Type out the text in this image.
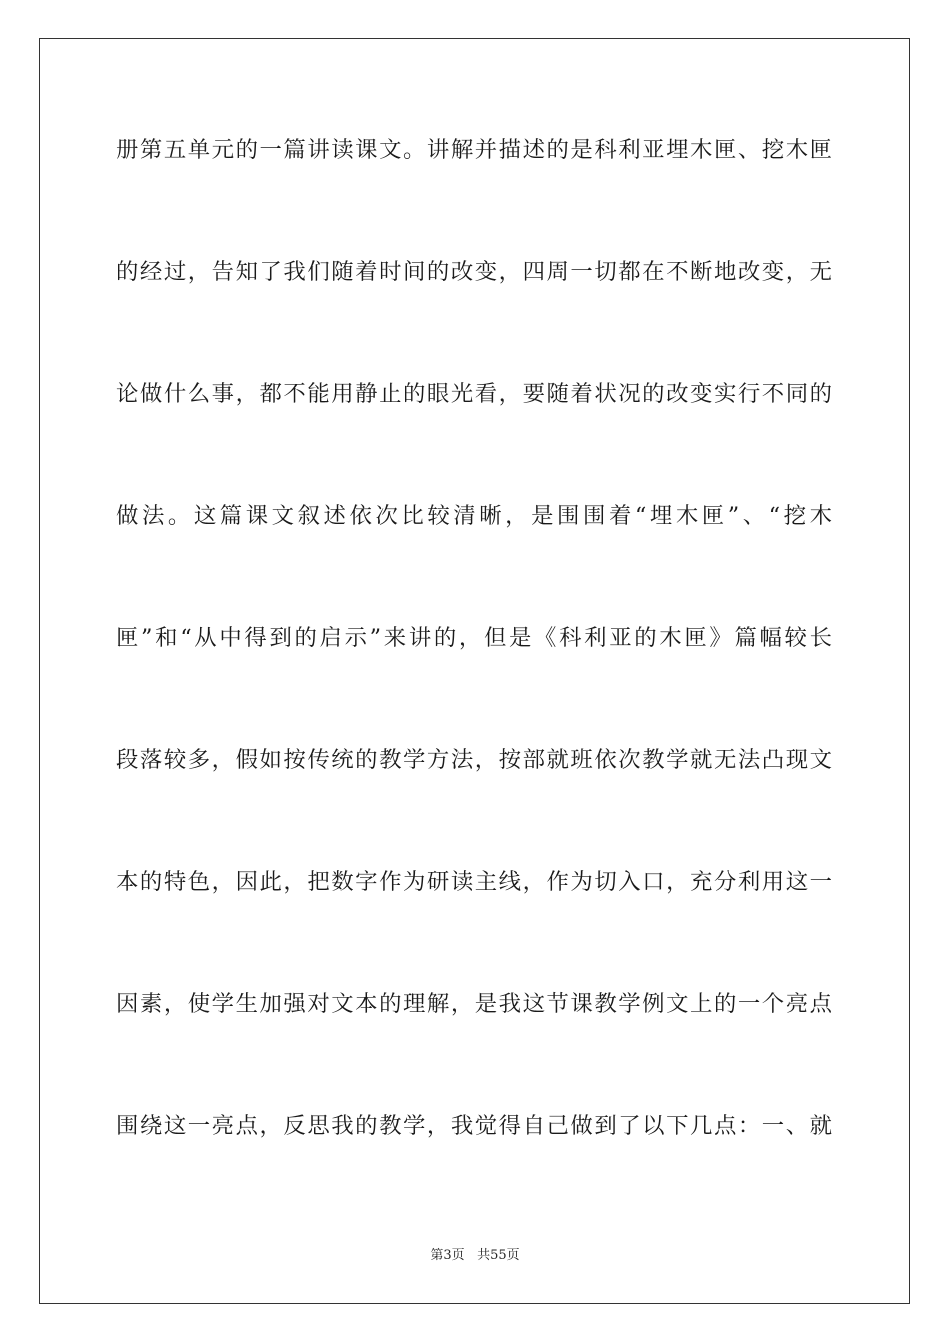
册第五单元的一篇讲读课文。讲解并描述的是科利亚埋木匣、挖木匣
的经过，告知了我们随着时间的改变，四周一切都在不断地改变，无
论做什么事，都不能用静止的眼光看，要随着状况的改变实行不同的
做法。这篇课文叙述依次比较清晰，是围围着“埋木匣”、“挖木
匣”和“从中得到的启示”来讲的，但是《科利亚的木匣》篇幅较长
段落较多，假如按传统的教学方法，按部就班依次教学就无法凸现文
本的特色，因此，把数字作为研读主线，作为切入口，充分利用这一
因素，使学生加强对文本的理解，是我这节课教学例文上的一个亮点
围绕这一亮点，反思我的教学，我觉得自己做到了以下几点：一、就
第3页 共55页
